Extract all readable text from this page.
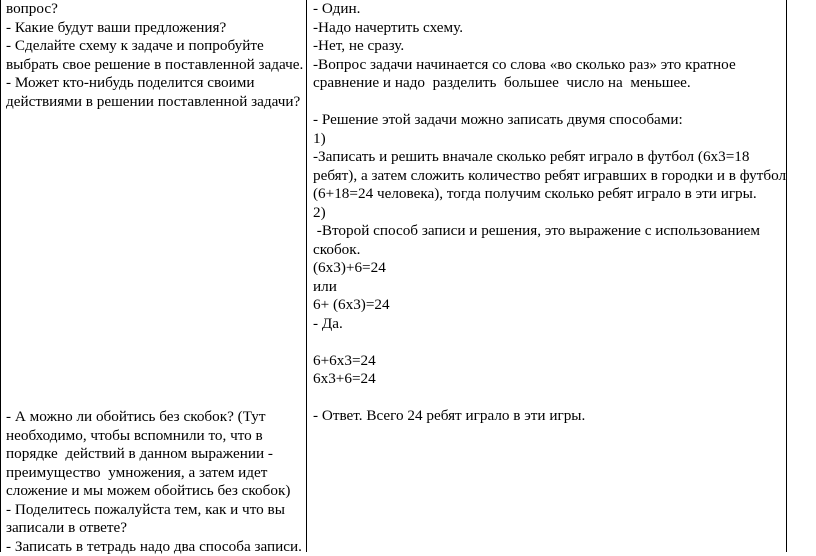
вопрос?
- Какие будут ваши предложения?
- Сделайте схему к задаче и попробуйте
выбрать свое решение в поставленной задаче.
- Может кто-нибудь поделится своими
действиями в решении поставленной задачи?
- А можно ли обойтись без скобок? (Тут
необходимо, чтобы вспомнили то, что в
порядке  действий в данном выражении -
преимущество  умножения, а затем идет
сложение и мы можем обойтись без скобок)
- Поделитесь пожалуйста тем, как и что вы
записали в ответе?
- Записать в тетрадь надо два способа записи.
- Один.
-Надо начертить схему.
-Нет, не сразу.
-Вопрос задачи начинается со слова «во сколько раз» это кратное
сравнение и надо  разделить  большее  число на  меньшее.

- Решение этой задачи можно записать двумя способами:
1)
-Записать и решить вначале сколько ребят играло в футбол (6х3=18
ребят), а затем сложить количество ребят игравших в городки и в футбол
(6+18=24 человека), тогда получим сколько ребят играло в эти игры.
2)
-Второй способ записи и решения, это выражение с использованием
скобок.
(6х3)+6=24
или
6+ (6х3)=24
- Да.

6+6х3=24
6х3+6=24

- Ответ. Всего 24 ребят играло в эти игры.
